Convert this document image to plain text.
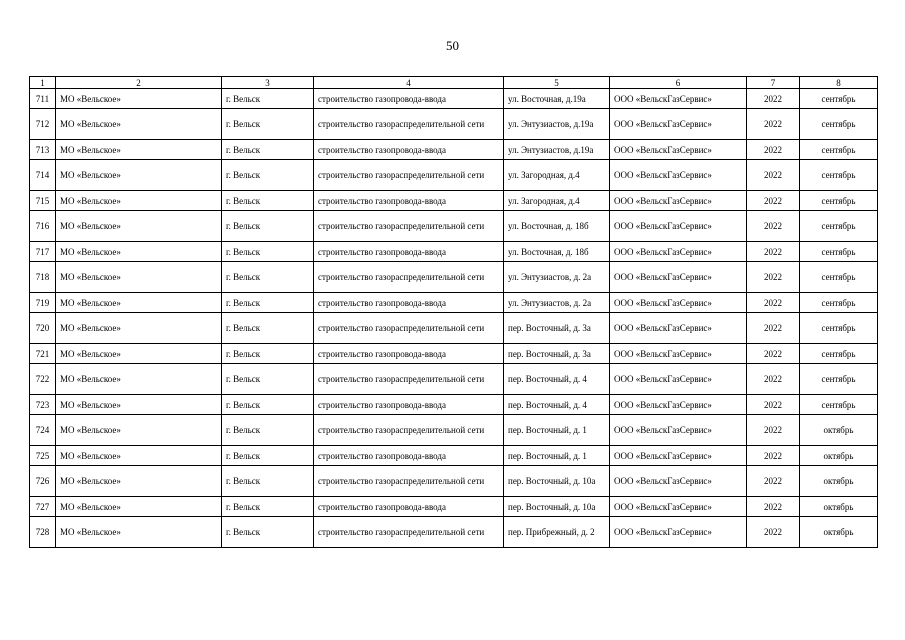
50
1	2	3	4	5	6	7	8
711	МО «Вельское»	г. Вельск	строительство газопровода-ввода	ул. Восточная, д.19а	ООО «ВельскГазСервис»	2022	сентябрь
712	МО «Вельское»	г. Вельск	строительство газораспределительной сети	ул. Энтузиастов, д.19а	ООО «ВельскГазСервис»	2022	сентябрь
713	МО «Вельское»	г. Вельск	строительство газопровода-ввода	ул. Энтузиастов, д.19а	ООО «ВельскГазСервис»	2022	сентябрь
714	МО «Вельское»	г. Вельск	строительство газораспределительной сети	ул. Загородная, д.4	ООО «ВельскГазСервис»	2022	сентябрь
715	МО «Вельское»	г. Вельск	строительство газопровода-ввода	ул. Загородная, д.4	ООО «ВельскГазСервис»	2022	сентябрь
716	МО «Вельское»	г. Вельск	строительство газораспределительной сети	ул. Восточная, д. 18б	ООО «ВельскГазСервис»	2022	сентябрь
717	МО «Вельское»	г. Вельск	строительство газопровода-ввода	ул. Восточная, д. 18б	ООО «ВельскГазСервис»	2022	сентябрь
718	МО «Вельское»	г. Вельск	строительство газораспределительной сети	ул. Энтузиастов, д. 2а	ООО «ВельскГазСервис»	2022	сентябрь
719	МО «Вельское»	г. Вельск	строительство газопровода-ввода	ул. Энтузиастов, д. 2а	ООО «ВельскГазСервис»	2022	сентябрь
720	МО «Вельское»	г. Вельск	строительство газораспределительной сети	пер. Восточный, д. 3а	ООО «ВельскГазСервис»	2022	сентябрь
721	МО «Вельское»	г. Вельск	строительство газопровода-ввода	пер. Восточный, д. 3а	ООО «ВельскГазСервис»	2022	сентябрь
722	МО «Вельское»	г. Вельск	строительство газораспределительной сети	пер. Восточный, д. 4	ООО «ВельскГазСервис»	2022	сентябрь
723	МО «Вельское»	г. Вельск	строительство газопровода-ввода	пер. Восточный, д. 4	ООО «ВельскГазСервис»	2022	сентябрь
724	МО «Вельское»	г. Вельск	строительство газораспределительной сети	пер. Восточный, д. 1	ООО «ВельскГазСервис»	2022	октябрь
725	МО «Вельское»	г. Вельск	строительство газопровода-ввода	пер. Восточный, д. 1	ООО «ВельскГазСервис»	2022	октябрь
726	МО «Вельское»	г. Вельск	строительство газораспределительной сети	пер. Восточный, д. 10а	ООО «ВельскГазСервис»	2022	октябрь
727	МО «Вельское»	г. Вельск	строительство газопровода-ввода	пер. Восточный, д. 10а	ООО «ВельскГазСервис»	2022	октябрь
728	МО «Вельское»	г. Вельск	строительство газораспределительной сети	пер. Прибрежный, д. 2	ООО «ВельскГазСервис»	2022	октябрь
